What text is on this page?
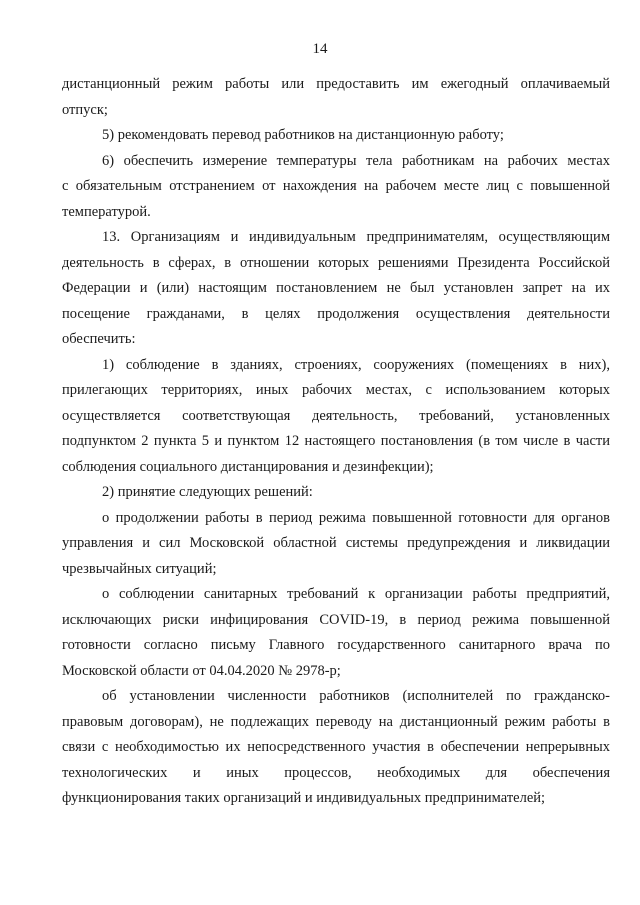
14

дистанционный режим работы или предоставить им ежегодный оплачиваемый
отпуск;

5) рекомендовать перевод работников на дистанционную работу;

6) обеспечить измерение температуры тела работникам на рабочих местах
с обязательным отстранением от нахождения на рабочем месте лиц с повышенной
температурой.

13. Организациям и индивидуальным предпринимателям, осуществляющим
деятельность в сферах, в отношении которых решениями Президента Российской
Федерации и (или) настоящим постановлением не был установлен запрет на их
посещение гражданами, в целях продолжения осуществления деятельности
обеспечить:

1) соблюдение в зданиях, строениях, сооружениях (помещениях в них),
прилегающих территориях, иных рабочих местах, с использованием которых
осуществляется соответствующая деятельность, требований, установленных
подпунктом 2 пункта 5 и пунктом 12 настоящего постановления (в том числе в части
соблюдения социального дистанцирования и дезинфекции);

2) принятие следующих решений:

о продолжении работы в период режима повышенной готовности для органов
управления и сил Московской областной системы предупреждения и ликвидации
чрезвычайных ситуаций;

о соблюдении санитарных требований к организации работы предприятий,
исключающих риски инфицирования COVID-19, в период режима повышенной
готовности согласно письму Главного государственного санитарного врача по
Московской области от 04.04.2020 № 2978-р;

об установлении численности работников (исполнителей по гражданско-
правовым договорам), не подлежащих переводу на дистанционный режим работы в
связи с необходимостью их непосредственного участия в обеспечении непрерывных
технологических и иных процессов, необходимых для обеспечения
функционирования таких организаций и индивидуальных предпринимателей;
